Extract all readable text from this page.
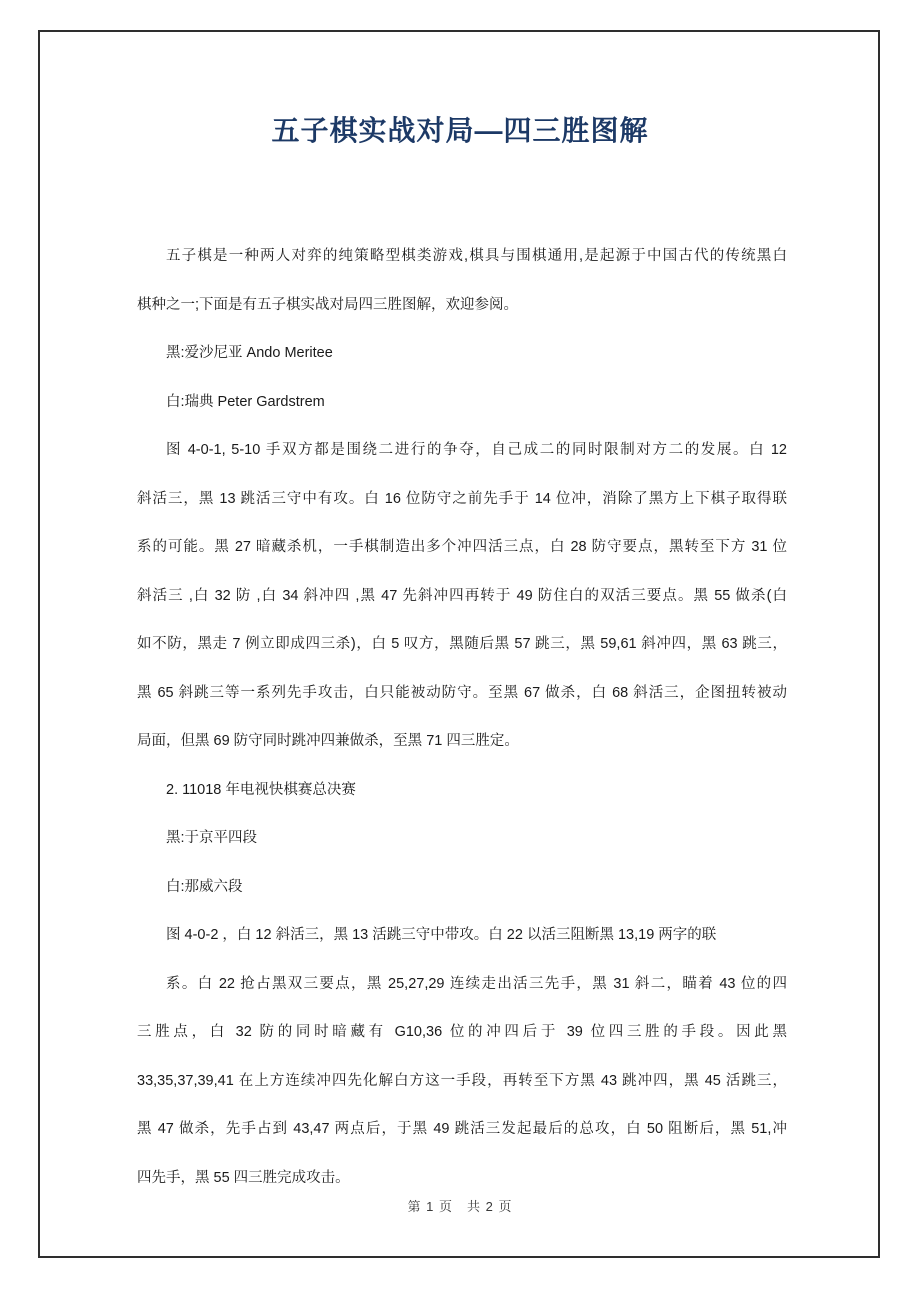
五子棋实战对局—四三胜图解
五子棋是一种两人对弈的纯策略型棋类游戏,棋具与围棋通用,是起源于中国古代的传统黑白
棋种之一;下面是有五子棋实战对局四三胜图解，欢迎参阅。
黑:爱沙尼亚 Ando Meritee
白:瑞典 Peter Gardstrem
图 4-0-1, 5-10 手双方都是围绕二进行的争夺，自己成二的同时限制对方二的发展。白 12
斜活三，黑 13 跳活三守中有攻。白 16 位防守之前先手于 14 位冲，消除了黑方上下棋子取得联
系的可能。黑 27 暗藏杀机，一手棋制造出多个冲四活三点，白 28 防守要点，黑转至下方 31 位
斜活三 ,白 32 防 ,白 34 斜冲四 ,黑 47 先斜冲四再转于 49 防住白的双活三要点。黑 55 做杀(白
如不防，黑走 7 例立即成四三杀)，白 5 叹方，黑随后黑 57 跳三，黑 59,61 斜冲四，黑 63 跳三，
黑 65 斜跳三等一系列先手攻击，白只能被动防守。至黑 67 做杀，白 68 斜活三，企图扭转被动
局面，但黑 69 防守同时跳冲四兼做杀，至黑 71 四三胜定。
2. 11018 年电视快棋赛总决赛
黑:于京平四段
白:那威六段
图 4-0-2 ，白 12 斜活三，黑 13 活跳三守中带攻。白 22 以活三阻断黑 13,19 两字的联
系。白 22 抢占黑双三要点，黑 25,27,29 连续走出活三先手，黑 31 斜二，瞄着 43 位的四
三胜点，白 32 防的同时暗藏有 G10,36 位的冲四后于 39 位四三胜的手段。因此黑
33,35,37,39,41 在上方连续冲四先化解白方这一手段，再转至下方黑 43 跳冲四，黑 45 活跳三，
黑 47 做杀，先手占到 43,47 两点后，于黑 49 跳活三发起最后的总攻，白 50 阻断后，黑 51,冲
四先手，黑 55 四三胜完成攻击。
第 1 页　共 2 页
